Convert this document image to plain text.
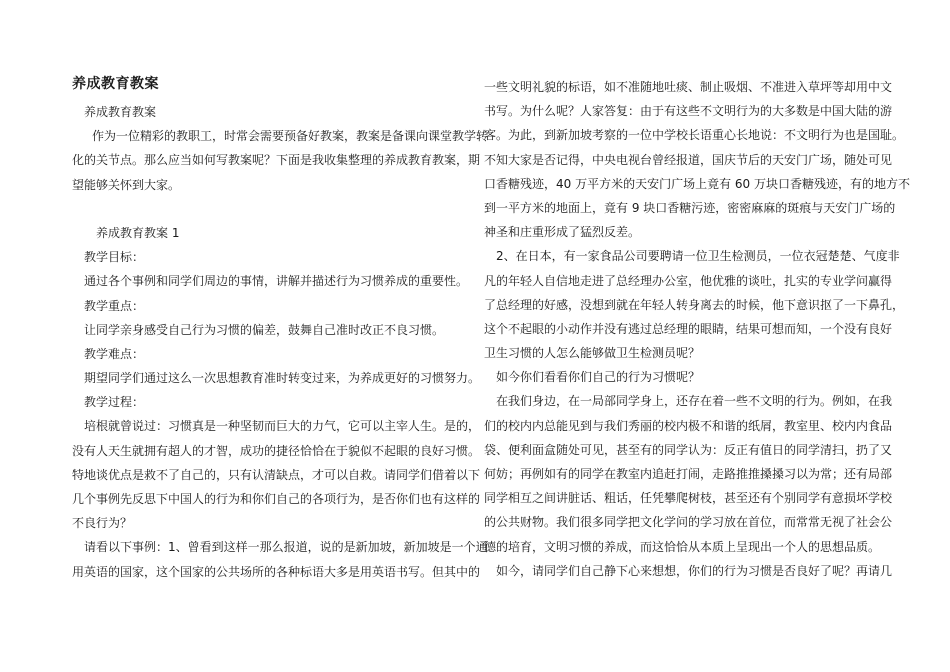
养成教育教案
养成教育教案
作为一位精彩的教职工，时常会需要预备好教案，教案是备课向课堂教学转
化的关节点。那么应当如何写教案呢？下面是我收集整理的养成教育教案，期
望能够关怀到大家。
养成教育教案 1
教学目标：
通过各个事例和同学们周边的事情，讲解并描述行为习惯养成的重要性。
教学重点：
让同学亲身感受自己行为习惯的偏差，鼓舞自己准时改正不良习惯。
教学难点：
期望同学们通过这么一次思想教育准时转变过来，为养成更好的习惯努力。
教学过程：
培根就曾说过：习惯真是一种坚韧而巨大的力气，它可以主宰人生。是的，
没有人天生就拥有超人的才智，成功的捷径恰恰在于貌似不起眼的良好习惯。
特地谈优点是救不了自己的，只有认清缺点，才可以自救。请同学们借着以下
几个事例先反思下中国人的行为和你们自己的各项行为，是否你们也有这样的
不良行为？
请看以下事例：1、曾看到这样一那么报道，说的是新加坡，新加坡是一个通
用英语的国家，这个国家的公共场所的各种标语大多是用英语书写。但其中的
一些文明礼貌的标语，如不准随地吐痰、制止吸烟、不准进入草坪等却用中文
书写。为什么呢？人家答复：由于有这些不文明行为的大多数是中国大陆的游
客。为此，到新加坡考察的一位中学校长语重心长地说：不文明行为也是国耻。
不知大家是否记得，中央电视台曾经报道，国庆节后的天安门广场，随处可见
口香糖残迹，40 万平方米的天安门广场上竟有 60 万块口香糖残迹，有的地方不
到一平方米的地面上，竟有 9 块口香糖污迹，密密麻麻的斑痕与天安门广场的
神圣和庄重形成了猛烈反差。
2、在日本，有一家食品公司要聘请一位卫生检测员，一位衣冠楚楚、气度非
凡的年轻人自信地走进了总经理办公室，他优雅的谈吐，扎实的专业学问赢得
了总经理的好感，没想到就在年轻人转身离去的时候，他下意识抠了一下鼻孔，
这个不起眼的小动作并没有逃过总经理的眼睛，结果可想而知，一个没有良好
卫生习惯的人怎么能够做卫生检测员呢？
如今你们看看你们自己的行为习惯呢？
在我们身边，在一局部同学身上，还存在着一些不文明的行为。例如，在我
们的校内内总能见到与我们秀丽的校内极不和谐的纸屑，教室里、校内内食品
袋、便利面盒随处可见，甚至有的同学认为：反正有值日的同学清扫，扔了又
何妨；再例如有的同学在教室内追赶打闹，走路推推搡搡习以为常；还有局部
同学相互之间讲脏话、粗话，任凭攀爬树枝，甚至还有个别同学有意损坏学校
的公共财物。我们很多同学把文化学问的学习放在首位，而常常无视了社会公
德的培育，文明习惯的养成，而这恰恰从本质上呈现出一个人的思想品质。
如今，请同学们自己静下心来想想，你们的行为习惯是否良好了呢？再请几
